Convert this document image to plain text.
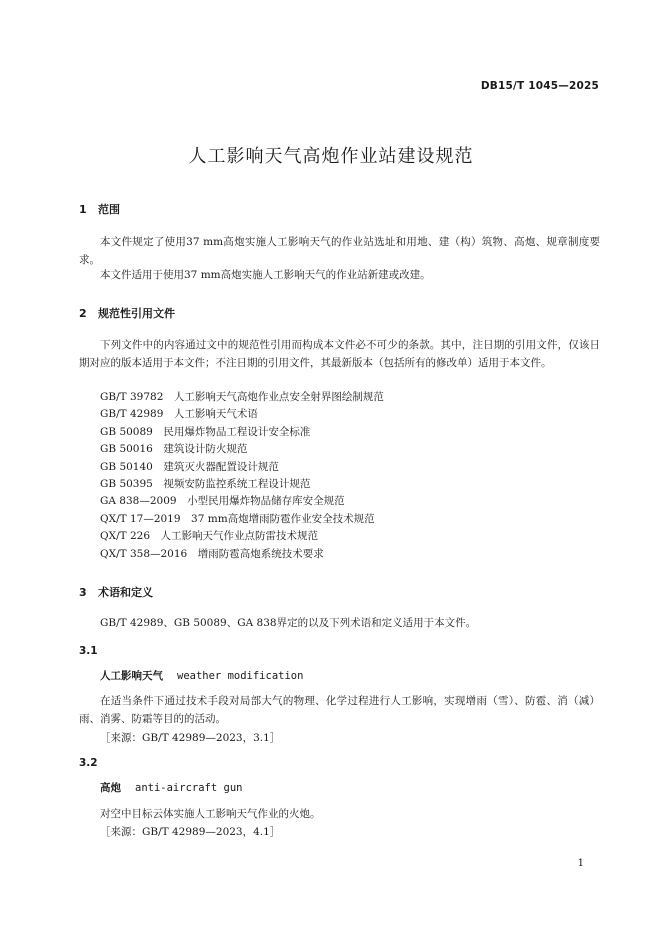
DB15/T 1045—2025
人工影响天气高炮作业站建设规范
1 范围
本文件规定了使用37 mm高炮实施人工影响天气的作业站选址和用地、建（构）筑物、高炮、规章制度要求。
本文件适用于使用37 mm高炮实施人工影响天气的作业站新建或改建。
2 规范性引用文件
下列文件中的内容通过文中的规范性引用而构成本文件必不可少的条款。其中，注日期的引用文件，仅该日期对应的版本适用于本文件；不注日期的引用文件，其最新版本（包括所有的修改单）适用于本文件。
GB/T 39782　人工影响天气高炮作业点安全射界图绘制规范
GB/T 42989　人工影响天气术语
GB 50089　民用爆炸物品工程设计安全标准
GB 50016　建筑设计防火规范
GB 50140　建筑灭火器配置设计规范
GB 50395　视频安防监控系统工程设计规范
GA 838—2009　小型民用爆炸物品储存库安全规范
QX/T 17—2019　37 mm高炮增雨防雹作业安全技术规范
QX/T 226　人工影响天气作业点防雷技术规范
QX/T 358—2016　增雨防雹高炮系统技术要求
3 术语和定义
GB/T 42989、GB 50089、GA 838界定的以及下列术语和定义适用于本文件。
3.1
人工影响天气 weather modification
在适当条件下通过技术手段对局部大气的物理、化学过程进行人工影响，实现增雨（雪）、防雹、消（减）雨、消雾、防霜等目的的活动。
［来源：GB/T 42989—2023，3.1］
3.2
高炮 anti-aircraft gun
对空中目标云体实施人工影响天气作业的火炮。
［来源：GB/T 42989—2023，4.1］
1
